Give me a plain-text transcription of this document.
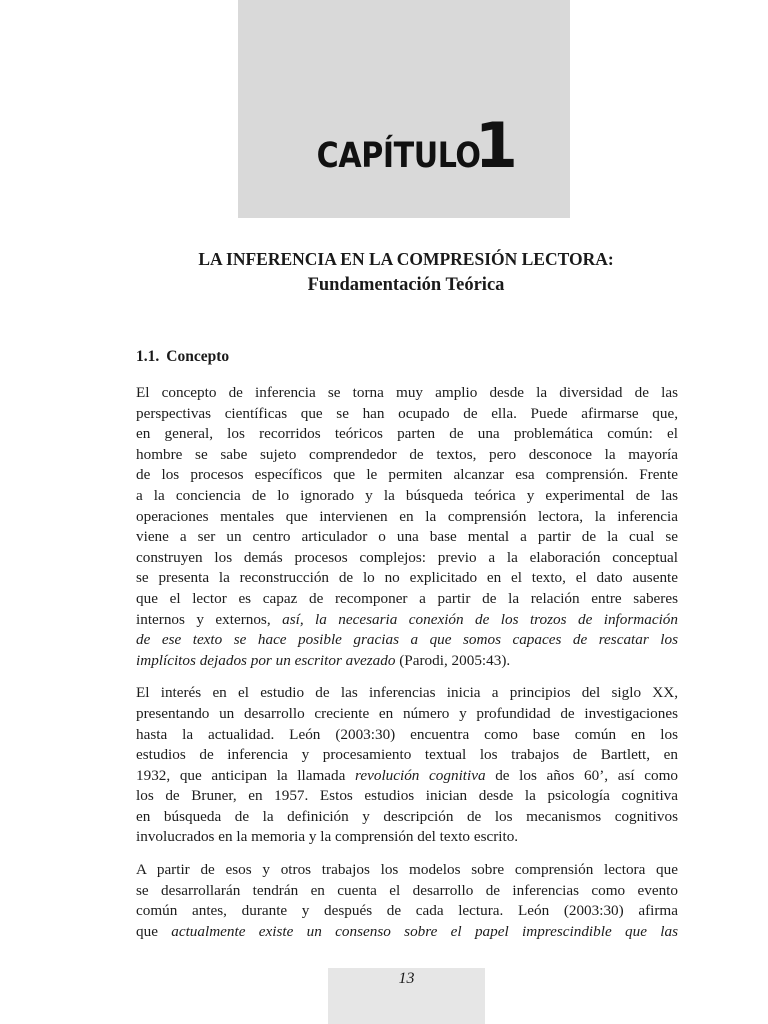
CAPÍTULO1
LA INFERENCIA EN LA COMPRESIÓN LECTORA:
Fundamentación Teórica
1.1. Concepto
El concepto de inferencia se torna muy amplio desde la diversidad de las
perspectivas científicas que se han ocupado de ella. Puede afirmarse que,
en general, los recorridos teóricos parten de una problemática común: el
hombre se sabe sujeto comprendedor de textos, pero desconoce la mayoría
de los procesos específicos que le permiten alcanzar esa comprensión. Frente
a la conciencia de lo ignorado y la búsqueda teórica y experimental de las
operaciones mentales que intervienen en la comprensión lectora, la inferencia
viene a ser un centro articulador o una base mental a partir de la cual se
construyen los demás procesos complejos: previo a la elaboración conceptual
se presenta la reconstrucción de lo no explicitado en el texto, el dato ausente
que el lector es capaz de recomponer a partir de la relación entre saberes
internos y externos, así, la necesaria conexión de los trozos de información
de ese texto se hace posible gracias a que somos capaces de rescatar los
implícitos dejados por un escritor avezado (Parodi, 2005:43).
El interés en el estudio de las inferencias inicia a principios del siglo XX,
presentando un desarrollo creciente en número y profundidad de investigaciones
hasta la actualidad. León (2003:30) encuentra como base común en los
estudios de inferencia y procesamiento textual los trabajos de Bartlett, en
1932, que anticipan la llamada revolución cognitiva de los años 60’, así como
los de Bruner, en 1957. Estos estudios inician desde la psicología cognitiva
en búsqueda de la definición y descripción de los mecanismos cognitivos
involucrados en la memoria y la comprensión del texto escrito.
A partir de esos y otros trabajos los modelos sobre comprensión lectora que
se desarrollarán tendrán en cuenta el desarrollo de inferencias como evento
común antes, durante y después de cada lectura. León (2003:30) afirma
que actualmente existe un consenso sobre el papel imprescindible que las
13
